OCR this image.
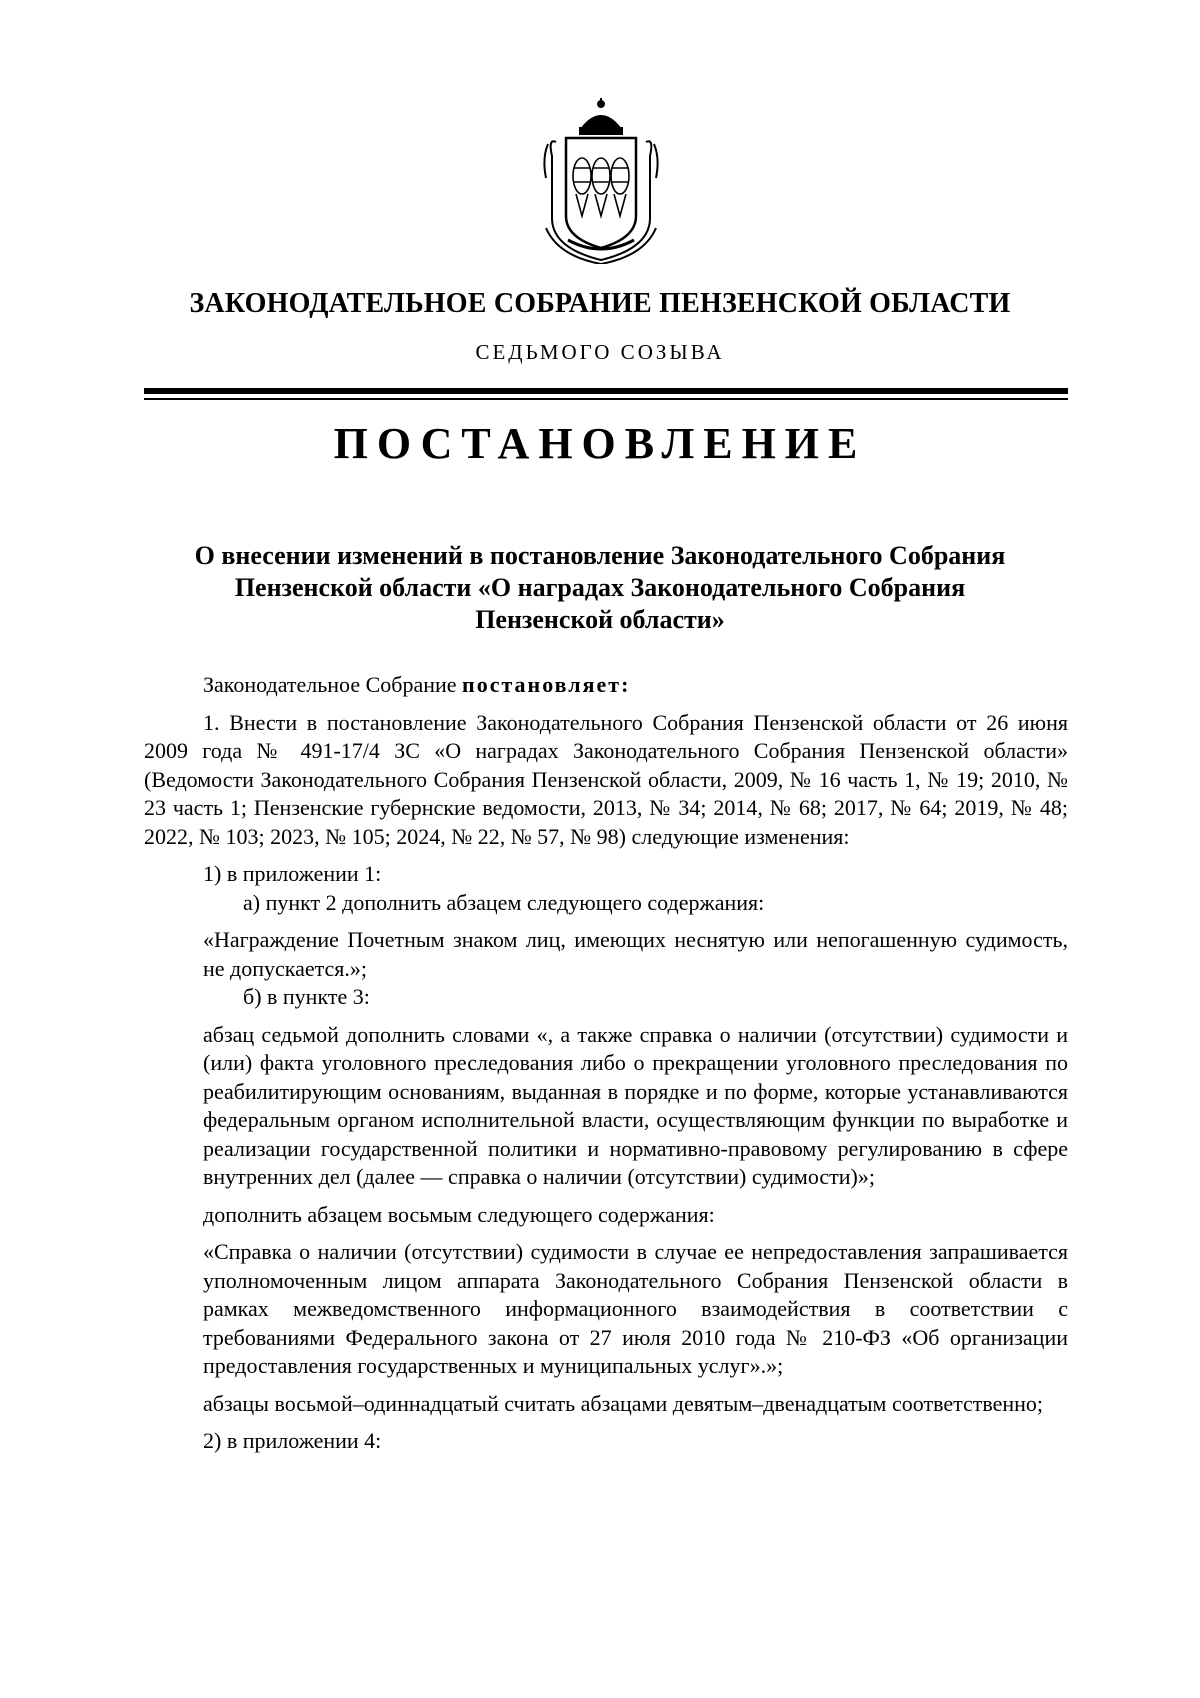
ЗАКОНОДАТЕЛЬНОЕ СОБРАНИЕ ПЕНЗЕНСКОЙ ОБЛАСТИ
СЕДЬМОГО СОЗЫВА
ПОСТАНОВЛЕНИЕ
О внесении изменений в постановление Законодательного Собрания
Пензенской области «О наградах Законодательного Собрания
Пензенской области»

Законодательное Собрание постановляет:

1. Внести в постановление Законодательного Собрания Пензенской области от 26 июня 2009 года № 491-17/4 ЗС «О наградах Законодательного Собрания Пензенской области» (Ведомости Законодательного Собрания Пензенской области, 2009, № 16 часть 1, № 19; 2010, № 23 часть 1; Пензенские губернские ведомости, 2013, № 34; 2014, № 68; 2017, № 64; 2019, № 48; 2022, № 103; 2023, № 105; 2024, № 22, № 57, № 98) следующие изменения:

1) в приложении 1:

а) пункт 2 дополнить абзацем следующего содержания:

«Награждение Почетным знаком лиц, имеющих неснятую или непогашенную судимость, не допускается.»;

б) в пункте 3:

абзац седьмой дополнить словами «, а также справка о наличии (отсутствии) судимости и (или) факта уголовного преследования либо о прекращении уголовного преследования по реабилитирующим основаниям, выданная в порядке и по форме, которые устанавливаются федеральным органом исполнительной власти, осуществляющим функции по выработке и реализации государственной политики и нормативно-правовому регулированию в сфере внутренних дел (далее — справка о наличии (отсутствии) судимости)»;

дополнить абзацем восьмым следующего содержания:

«Справка о наличии (отсутствии) судимости в случае ее непредоставления запрашивается уполномоченным лицом аппарата Законодательного Собрания Пензенской области в рамках межведомственного информационного взаимодействия в соответствии с требованиями Федерального закона от 27 июля 2010 года № 210-ФЗ «Об организации предоставления государственных и муниципальных услуг».»;

абзацы восьмой–одиннадцатый считать абзацами девятым–двенадцатым соответственно;

2) в приложении 4:
